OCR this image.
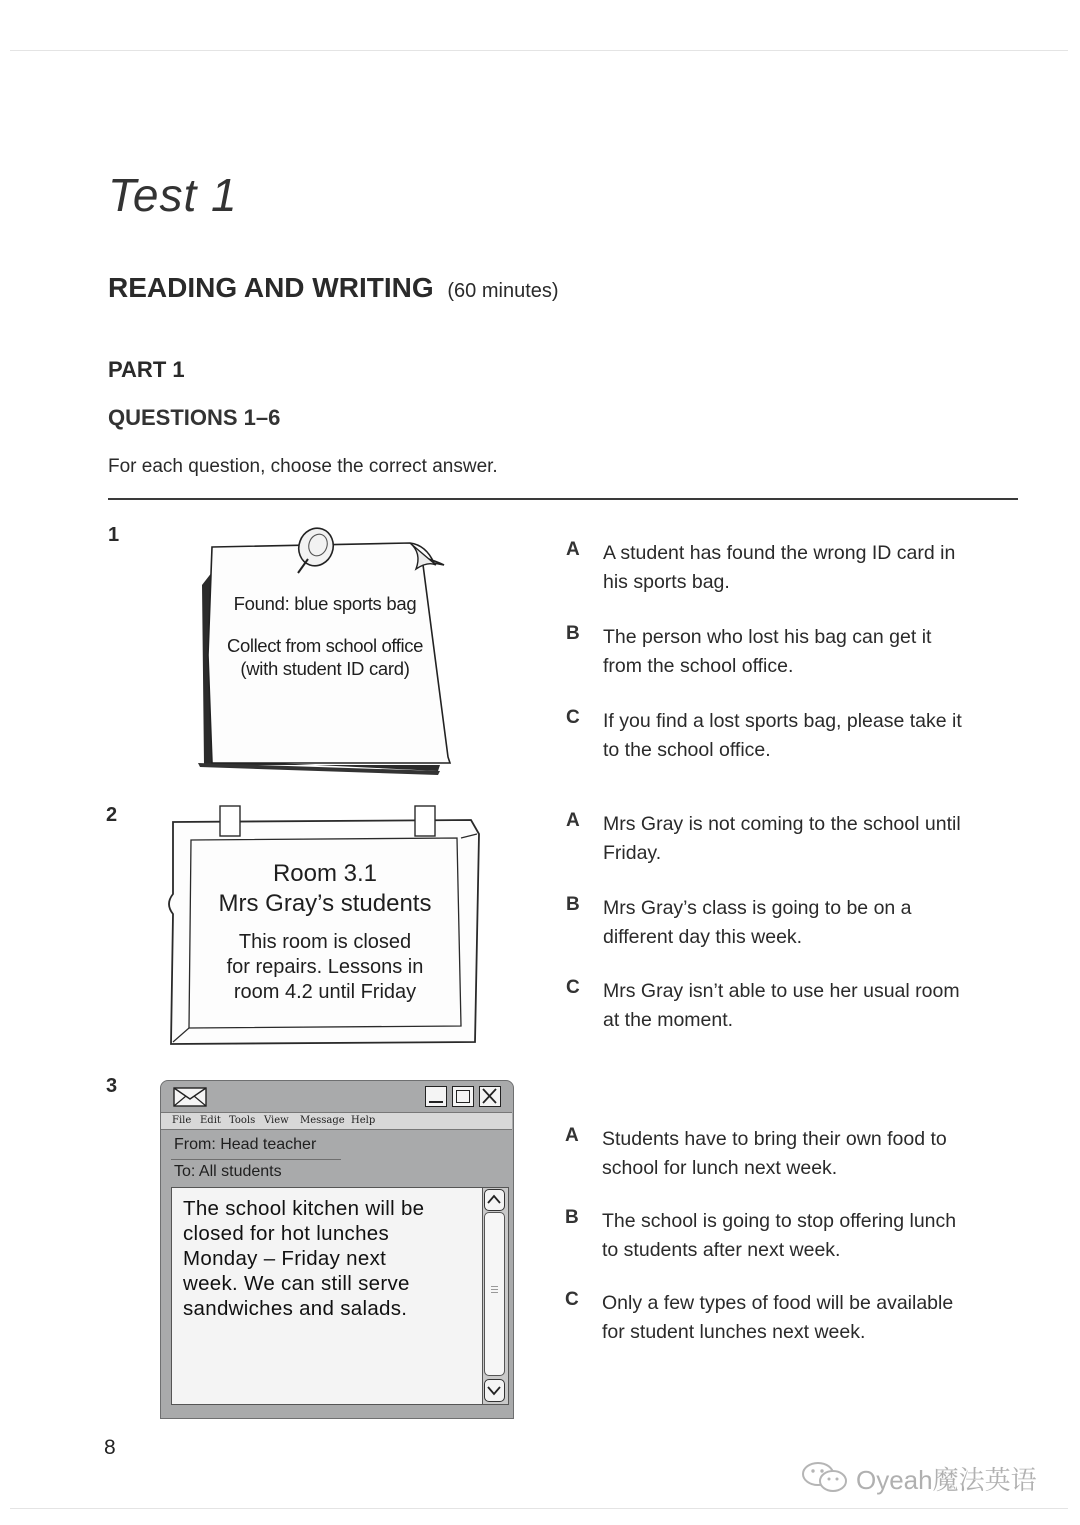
Test 1
READING AND WRITING (60 minutes)
PART 1
QUESTIONS 1–6
For each question, choose the correct answer.
1
Found: blue sports bag
Collect from school office
(with student ID card)
A A student has found the wrong ID card in his sports bag.
B The person who lost his bag can get it from the school office.
C If you find a lost sports bag, please take it to the school office.
2
Room 3.1
Mrs Gray’s students
This room is closed
for repairs. Lessons in
room 4.2 until Friday
A Mrs Gray is not coming to the school until Friday.
B Mrs Gray’s class is going to be on a different day this week.
C Mrs Gray isn’t able to use her usual room at the moment.
3
File Edit Tools View Message Help
From: Head teacher
To: All students
The school kitchen will be
closed for hot lunches
Monday – Friday next
week. We can still serve
sandwiches and salads.
A Students have to bring their own food to school for lunch next week.
B The school is going to stop offering lunch to students after next week.
C Only a few types of food will be available for student lunches next week.
8
Oyeah魔法英语
